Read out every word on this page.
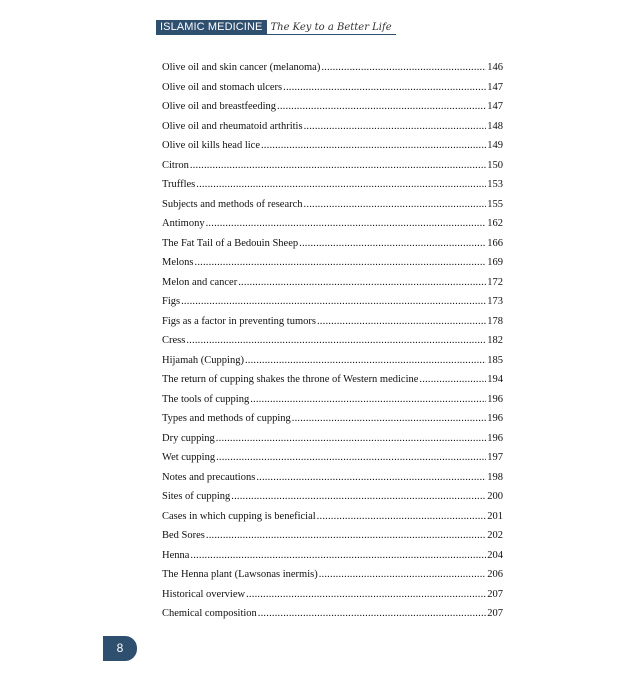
ISLAMIC MEDICINE The Key to a Better Life
Olive oil and skin cancer (melanoma) .....	146
Olive oil and stomach ulcers .....	147
Olive oil and breastfeeding .....	147
Olive oil and rheumatoid arthritis .....	148
Olive oil kills head lice .....	149
Citron .....	150
Truffles .....	153
Subjects and methods of research .....	155
Antimony .....	162
The Fat Tail of a Bedouin Sheep .....	166
Melons .....	169
Melon and cancer .....	172
Figs .....	173
Figs as a factor in preventing tumors .....	178
Cress .....	182
Hijamah (Cupping) .....	185
The return of cupping shakes the throne of Western medicine .....	194
The tools of cupping .....	196
Types and methods of cupping .....	196
Dry cupping .....	196
Wet cupping .....	197
Notes and precautions .....	198
Sites of cupping .....	200
Cases in which cupping is beneficial .....	201
Bed Sores .....	202
Henna .....	204
The Henna plant (Lawsonas inermis) .....	206
Historical overview .....	207
Chemical composition .....	207
8
